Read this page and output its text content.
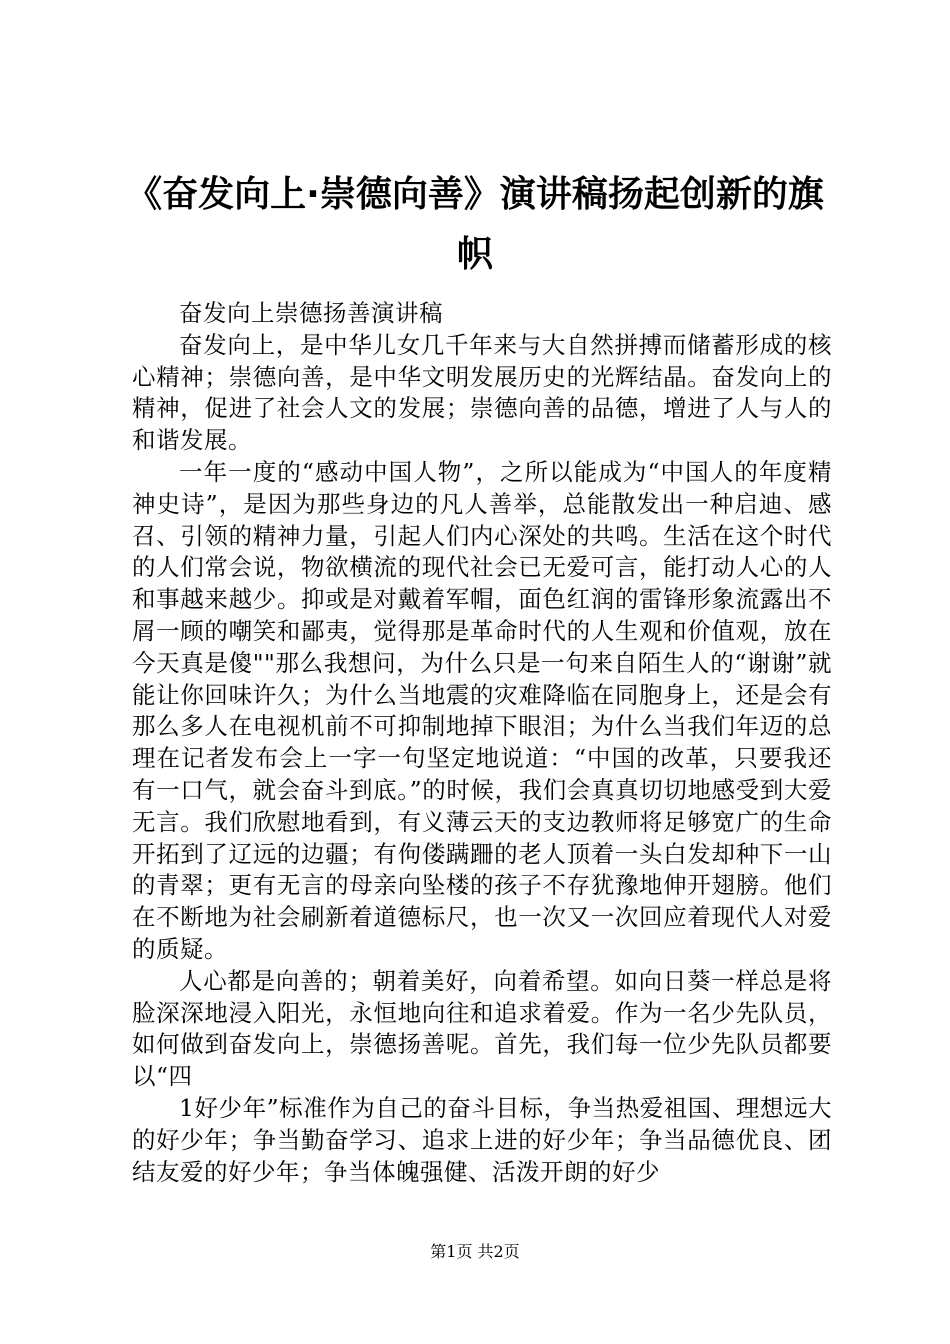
《奋发向上·崇德向善》演讲稿扬起创新的旗帜

奋发向上崇德扬善演讲稿

奋发向上，是中华儿女几千年来与大自然拼搏而储蓄形成的核心精神；崇德向善，是中华文明发展历史的光辉结晶。奋发向上的精神，促进了社会人文的发展；崇德向善的品德，增进了人与人的和谐发展。

一年一度的“感动中国人物”，之所以能成为“中国人的年度精神史诗”，是因为那些身边的凡人善举，总能散发出一种启迪、感召、引领的精神力量，引起人们内心深处的共鸣。生活在这个时代的人们常会说，物欲横流的现代社会已无爱可言，能打动人心的人和事越来越少。抑或是对戴着军帽，面色红润的雷锋形象流露出不屑一顾的嘲笑和鄙夷，觉得那是革命时代的人生观和价值观，放在今天真是傻""那么我想问，为什么只是一句来自陌生人的“谢谢”就能让你回味许久；为什么当地震的灾难降临在同胞身上，还是会有那么多人在电视机前不可抑制地掉下眼泪；为什么当我们年迈的总理在记者发布会上一字一句坚定地说道：“中国的改革，只要我还有一口气，就会奋斗到底。”的时候，我们会真真切切地感受到大爱无言。我们欣慰地看到，有义薄云天的支边教师将足够宽广的生命开拓到了辽远的边疆；有佝偻蹒跚的老人顶着一头白发却种下一山的青翠；更有无言的母亲向坠楼的孩子不存犹豫地伸开翅膀。他们在不断地为社会刷新着道德标尺，也一次又一次回应着现代人对爱的质疑。

人心都是向善的；朝着美好，向着希望。如向日葵一样总是将脸深深地浸入阳光，永恒地向往和追求着爱。作为一名少先队员，如何做到奋发向上，崇德扬善呢。首先，我们每一位少先队员都要以“四

1好少年”标准作为自己的奋斗目标，争当热爱祖国、理想远大的好少年；争当勤奋学习、追求上进的好少年；争当品德优良、团结友爱的好少年；争当体魄强健、活泼开朗的好少

第1页 共2页
